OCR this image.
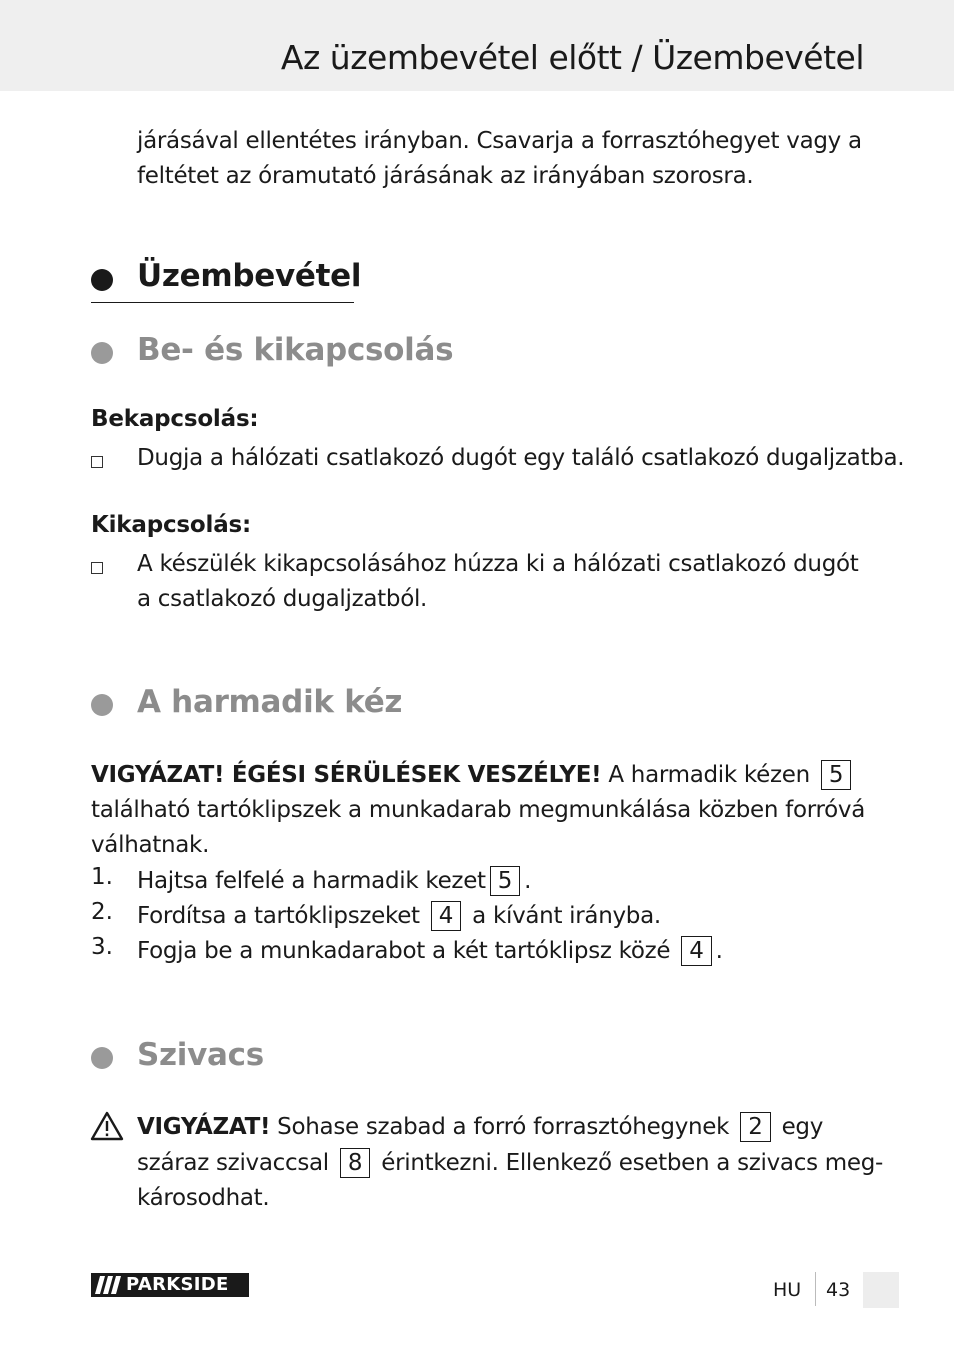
Az üzembevétel előtt / Üzembevétel

járásával ellentétes irányban. Csavarja a forrasztóhegyet vagy a

feltétet az óramutató járásának az irányában szorosra.

Üzembevétel
Be- és kikapcsolás
Bekapcsolás:

Dugja a hálózati csatlakozó dugót egy találó csatlakozó dugaljzatba.

Kikapcsolás:

A készülék kikapcsolásához húzza ki a hálózati csatlakozó dugót

a csatlakozó dugaljzatból.

A harmadik kéz

VIGYÁZAT! ÉGÉSI SÉRÜLÉSEK VESZÉLYE! A harmadik kézen 5

található tartóklipszek a munkadarab megmunkálása közben forróvá

válhatnak.

1. Hajtsa felfelé a harmadik kezet 5 .

2. Fordítsa a tartóklipszeket 4 a kívánt irányba.

3. Fogja be a munkadarabot a két tartóklipsz közé 4 .

Szivacs

VIGYÁZAT! Sohase szabad a forró forrasztóhegynek 2 egy

száraz szivaccsal 8 érintkezni. Ellenkező esetben a szivacs meg-

károsodhat.

PARKSIDE	HU 43
